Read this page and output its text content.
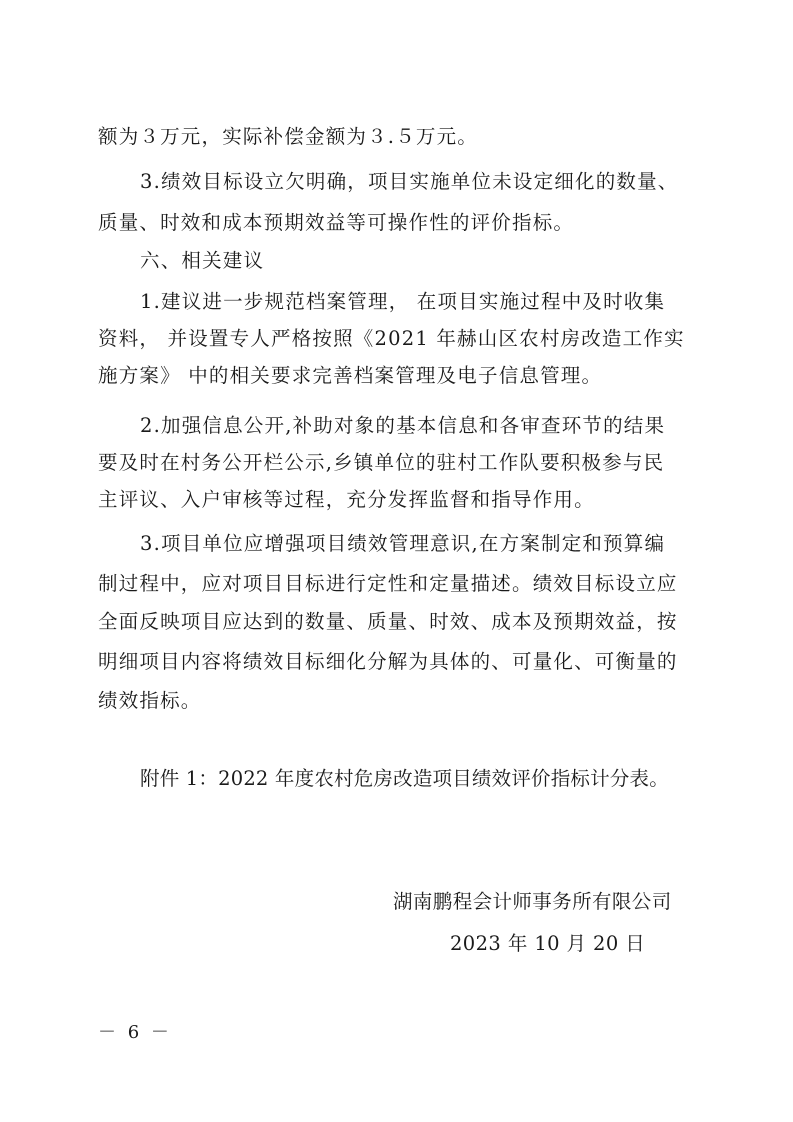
额为３万元，实际补偿金额为３.５万元。
3.绩效目标设立欠明确，项目实施单位未设定细化的数量、
质量、时效和成本预期效益等可操作性的评价指标。
六、相关建议
1.建议进一步规范档案管理， 在项目实施过程中及时收集
资料， 并设置专人严格按照《2021 年赫山区农村房改造工作实
施方案》 中的相关要求完善档案管理及电子信息管理。
2.加强信息公开,补助对象的基本信息和各审查环节的结果
要及时在村务公开栏公示,乡镇单位的驻村工作队要积极参与民
主评议、入户审核等过程，充分发挥监督和指导作用。
3.项目单位应增强项目绩效管理意识,在方案制定和预算编
制过程中，应对项目目标进行定性和定量描述。绩效目标设立应
全面反映项目应达到的数量、质量、时效、成本及预期效益，按
明细项目内容将绩效目标细化分解为具体的、可量化、可衡量的
绩效指标。
附件 1：2022 年度农村危房改造项目绩效评价指标计分表。
湖南鹏程会计师事务所有限公司
2023 年 10 月 20 日
－ 6 －
